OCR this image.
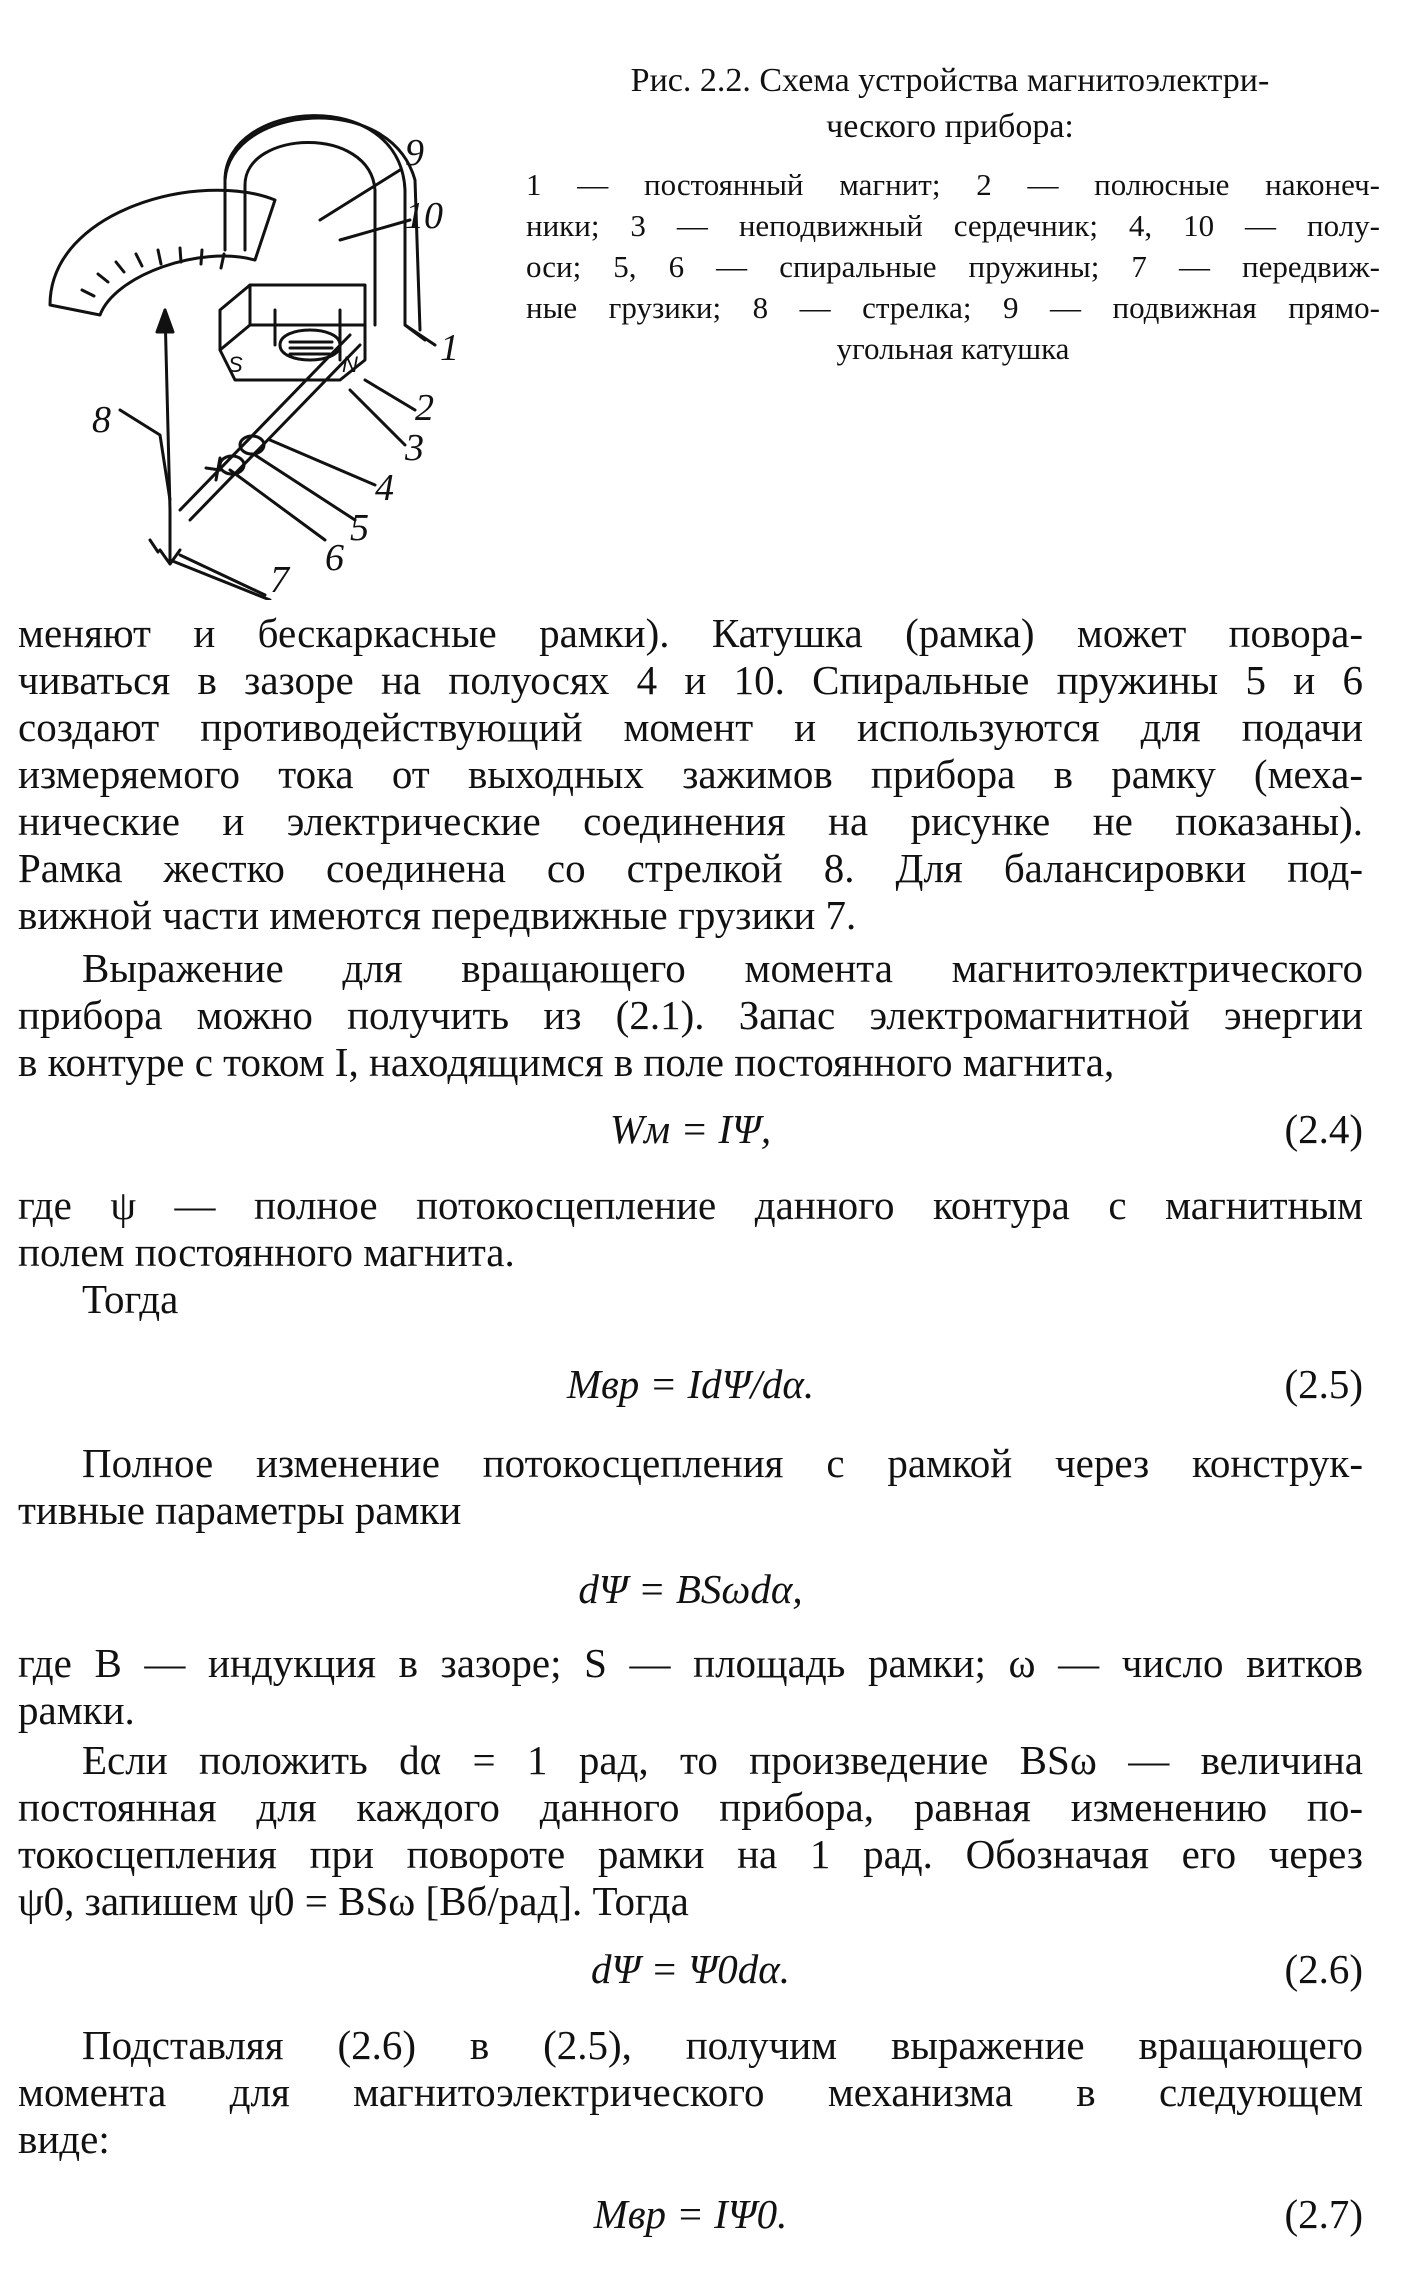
9
10
1
2
3
4
5
6
7
8
S	N
Рис. 2.2. Схема устройства магнитоэлектри-
ческого прибора:
1 — постоянный магнит; 2 — полюсные наконеч-
ники; 3 — неподвижный сердечник; 4, 10 — полу-
оси; 5, 6 — спиральные пружины; 7 — передвиж-
ные грузики; 8 — стрелка; 9 — подвижная прямо-
угольная катушка

меняют и бескаркасные рамки). Катушка (рамка) может повора-
чиваться в зазоре на полуосях 4 и 10. Спиральные пружины 5 и 6
создают противодействующий момент и используются для подачи
измеряемого тока от выходных зажимов прибора в рамку (меха-
нические и электрические соединения на рисунке не показаны).
Рамка жестко соединена со стрелкой 8. Для балансировки под-
вижной части имеются передвижные грузики 7.

Выражение для вращающего момента магнитоэлектрического
прибора можно получить из (2.1). Запас электромагнитной энергии
в контуре с током I, находящимся в поле постоянного магнита,

Wм = IΨ,	(2.4)

где ψ — полное потокосцепление данного контура с магнитным
полем постоянного магнита.

Тогда

Mвр = IdΨ/dα.	(2.5)

Полное изменение потокосцепления с рамкой через конструк-
тивные параметры рамки

dΨ = BSωdα,

где B — индукция в зазоре; S — площадь рамки; ω — число витков
рамки.

Если положить dα = 1 рад, то произведение BSω — величина
постоянная для каждого данного прибора, равная изменению по-
токосцепления при повороте рамки на 1 рад. Обозначая его через
ψ0, запишем ψ0 = BSω [Вб/рад]. Тогда

dΨ = Ψ0dα.	(2.6)

Подставляя (2.6) в (2.5), получим выражение вращающего
момента для магнитоэлектрического механизма в следующем
виде:

Mвр = IΨ0.	(2.7)
